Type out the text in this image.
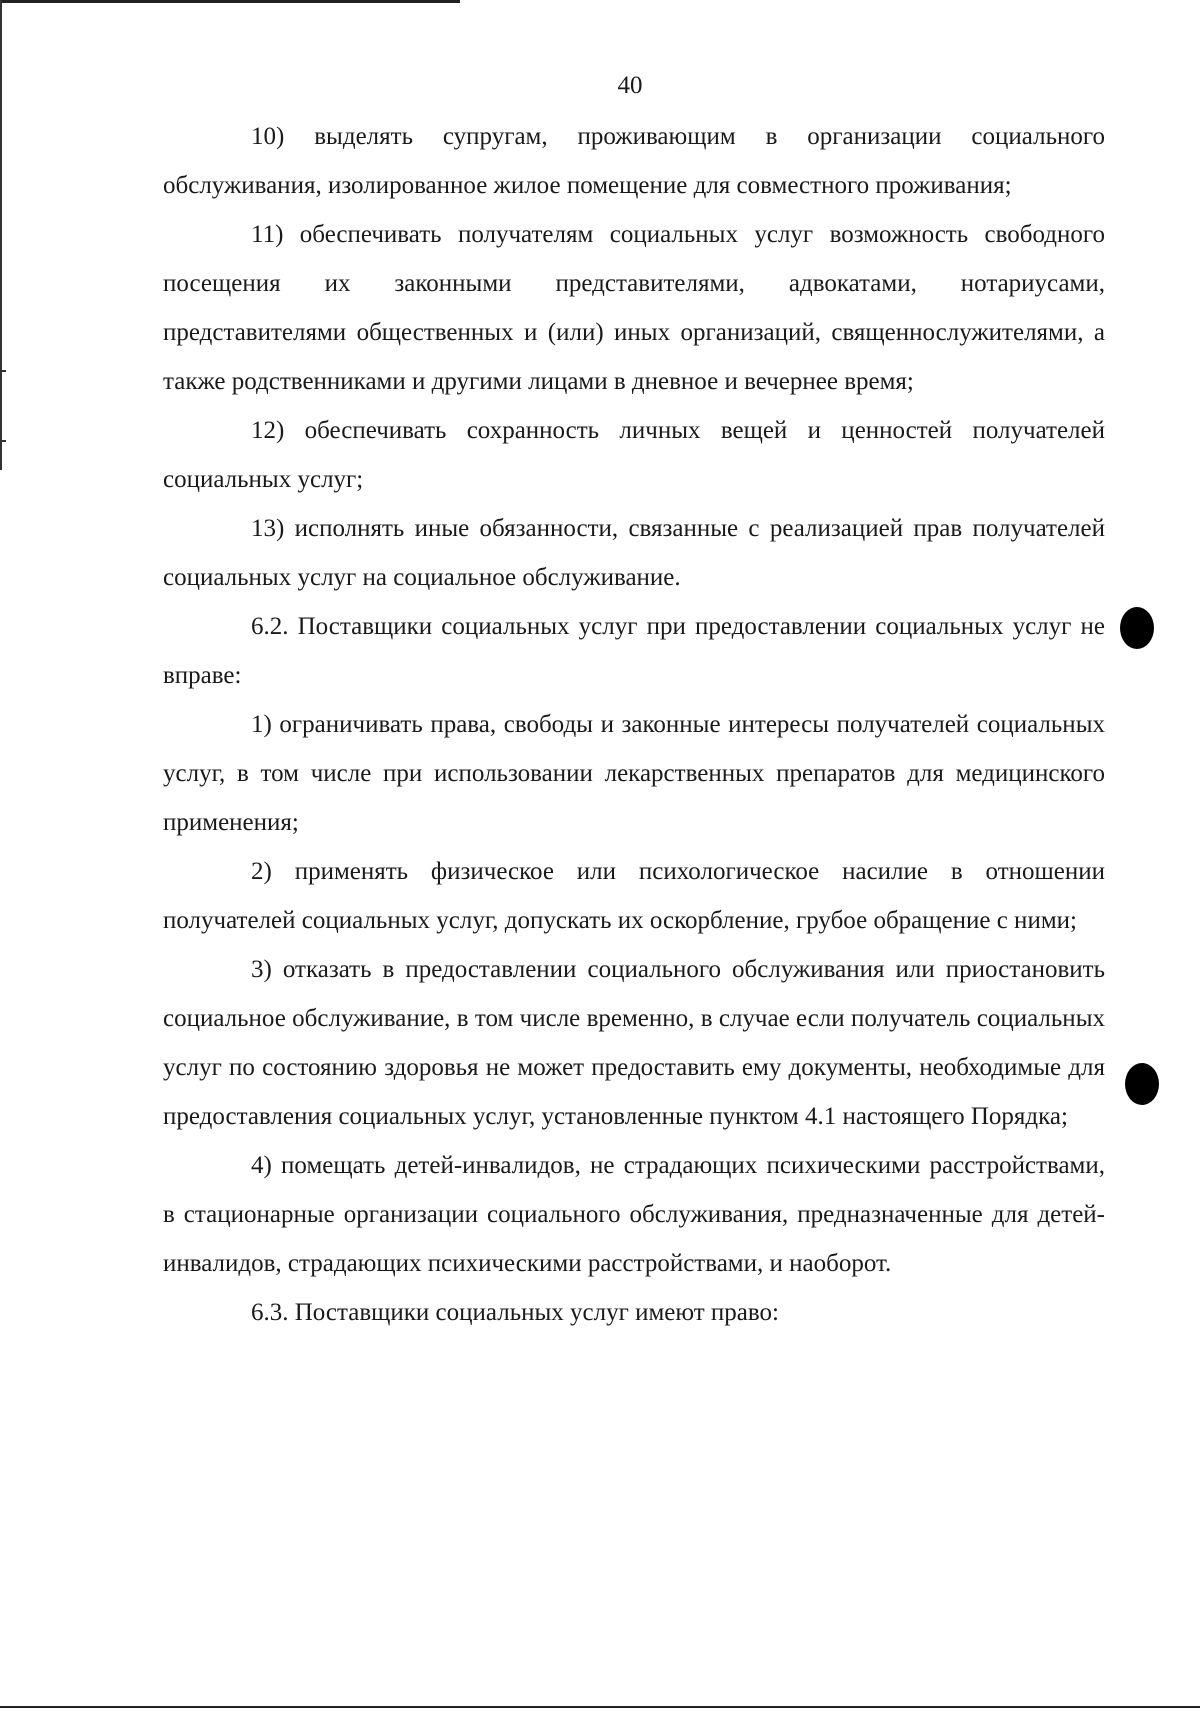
40

10) выделять супругам, проживающим в организации социального обслуживания, изолированное жилое помещение для совместного проживания;

11) обеспечивать получателям социальных услуг возможность свободного посещения их законными представителями, адвокатами, нотариусами, представителями общественных и (или) иных организаций, священнослужителями, а также родственниками и другими лицами в дневное и вечернее время;

12) обеспечивать сохранность личных вещей и ценностей получателей социальных услуг;

13) исполнять иные обязанности, связанные с реализацией прав получателей социальных услуг на социальное обслуживание.

6.2. Поставщики социальных услуг при предоставлении социальных услуг не вправе:

1) ограничивать права, свободы и законные интересы получателей социальных услуг, в том числе при использовании лекарственных препаратов для медицинского применения;

2) применять физическое или психологическое насилие в отношении получателей социальных услуг, допускать их оскорбление, грубое обращение с ними;

3) отказать в предоставлении социального обслуживания или приостановить социальное обслуживание, в том числе временно, в случае если получатель социальных услуг по состоянию здоровья не может предоставить ему документы, необходимые для предоставления социальных услуг, установленные пунктом 4.1 настоящего Порядка;

4) помещать детей-инвалидов, не страдающих психическими расстройствами, в стационарные организации социального обслуживания, предназначенные для детей-инвалидов, страдающих психическими расстройствами, и наоборот.

6.3. Поставщики социальных услуг имеют право:
